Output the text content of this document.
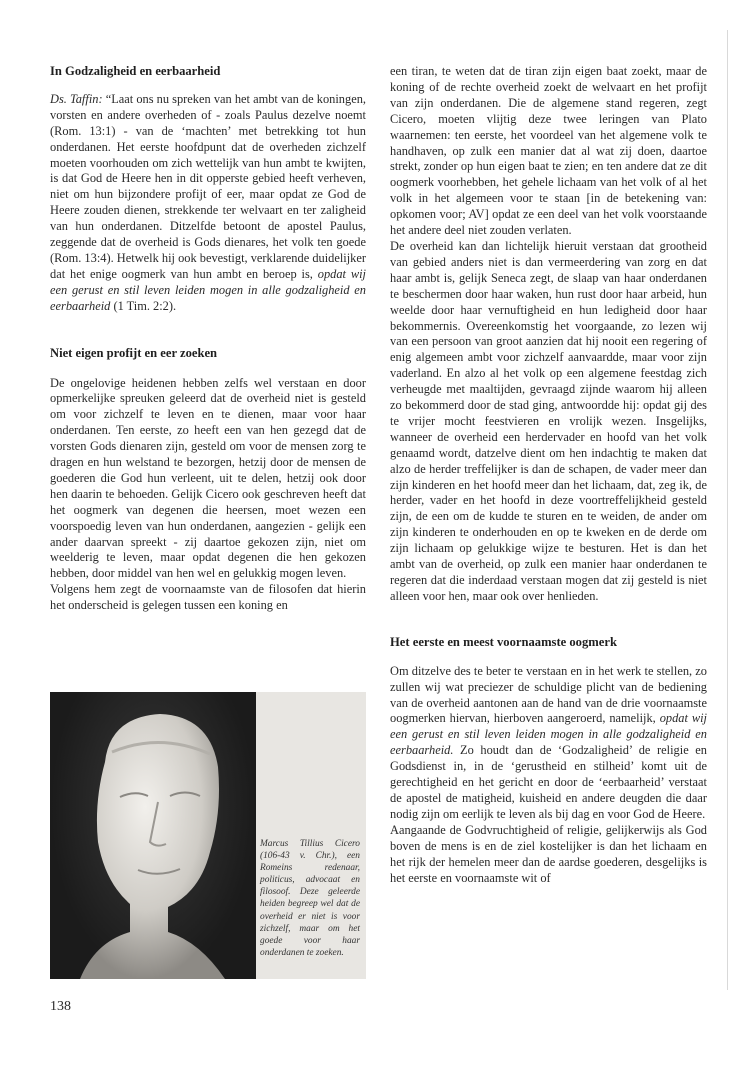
In Godzaligheid en eerbaarheid

Ds. Taffin: “Laat ons nu spreken van het ambt van de koningen, vorsten en andere overheden of - zoals Paulus dezelve noemt (Rom. 13:1) - van de ‘machten’ met betrekking tot hun onderdanen. Het eerste hoofdpunt dat de overheden zichzelf moeten voorhouden om zich wettelijk van hun ambt te kwijten, is dat God de Heere hen in dit opperste gebied heeft verheven, niet om hun bijzondere profijt of eer, maar opdat ze God de Heere zouden dienen, strekkende ter welvaart en ter zaligheid van hun onderdanen. Ditzelfde betoont de apostel Paulus, zeggende dat de overheid is Gods dienares, het volk ten goede (Rom. 13:4). Hetwelk hij ook bevestigt, verklarende duidelijker dat het enige oogmerk van hun ambt en beroep is, opdat wij een gerust en stil leven leiden mogen in alle godzaligheid en eerbaarheid (1 Tim. 2:2).

Niet eigen profijt en eer zoeken

De ongelovige heidenen hebben zelfs wel verstaan en door opmerkelijke spreuken geleerd dat de overheid niet is gesteld om voor zichzelf te leven en te dienen, maar voor haar onderdanen. Ten eerste, zo heeft een van hen gezegd dat de vorsten Gods dienaren zijn, gesteld om voor de mensen zorg te dragen en hun welstand te bezorgen, hetzij door de mensen de goederen die God hun verleent, uit te delen, hetzij ook door hen daarin te behoeden. Gelijk Cicero ook geschreven heeft dat het oogmerk van degenen die heersen, moet wezen een voorspoedig leven van hun onderdanen, aangezien - gelijk een ander daarvan spreekt - zij daartoe gekozen zijn, niet om weelderig te leven, maar opdat degenen die hen gekozen hebben, door middel van hen wel en gelukkig mogen leven.

Volgens hem zegt de voornaamste van de filosofen dat hierin het onderscheid is gelegen tussen een koning en

Marcus Tillius Cicero (106-43 v. Chr.), een Romeins redenaar, politicus, advocaat en filosoof. Deze geleerde heiden begreep wel dat de overheid er niet is voor zichzelf, maar om het goede voor haar onderdanen te zoeken.

een tiran, te weten dat de tiran zijn eigen baat zoekt, maar de koning of de rechte overheid zoekt de welvaart en het profijt van zijn onderdanen. Die de algemene stand regeren, zegt Cicero, moeten vlijtig deze twee leringen van Plato waarnemen: ten eerste, het voordeel van het algemene volk te handhaven, op zulk een manier dat al wat zij doen, daartoe strekt, zonder op hun eigen baat te zien; en ten andere dat ze dit oogmerk voorhebben, het gehele lichaam van het volk of al het volk in het algemeen voor te staan [in de betekening van: opkomen voor; AV] opdat ze een deel van het volk voorstaande het andere deel niet zouden verlaten.

De overheid kan dan lichtelijk hieruit verstaan dat grootheid van gebied anders niet is dan vermeerdering van zorg en dat haar ambt is, gelijk Seneca zegt, de slaap van haar onderdanen te beschermen door haar waken, hun rust door haar arbeid, hun weelde door haar vernuftigheid en hun ledigheid door haar bekommernis. Overeenkomstig het voorgaande, zo lezen wij van een persoon van groot aanzien dat hij nooit een regering of enig algemeen ambt voor zichzelf aanvaardde, maar voor zijn vaderland. En alzo al het volk op een algemene feestdag zich verheugde met maaltijden, gevraagd zijnde waarom hij alleen zo bekommerd door de stad ging, antwoordde hij: opdat gij des te vrijer mocht feestvieren en vrolijk wezen. Insgelijks, wanneer de overheid een herdervader en hoofd van het volk genaamd wordt, datzelve dient om hen indachtig te maken dat alzo de herder treffelijker is dan de schapen, de vader meer dan zijn kinderen en het hoofd meer dan het lichaam, dat, zeg ik, de herder, vader en het hoofd in deze voortreffelijkheid gesteld zijn, de een om de kudde te sturen en te weiden, de ander om zijn kinderen te onderhouden en op te kweken en de derde om zijn lichaam op gelukkige wijze te besturen. Het is dan het ambt van de overheid, op zulk een manier haar onderdanen te regeren dat die inderdaad verstaan mogen dat zij gesteld is niet alleen voor hen, maar ook over henlieden.

Het eerste en meest voornaamste oogmerk

Om ditzelve des te beter te verstaan en in het werk te stellen, zo zullen wij wat preciezer de schuldige plicht van de bediening van de overheid aantonen aan de hand van de drie voornaamste oogmerken hiervan, hierboven aangeroerd, namelijk, opdat wij een gerust en stil leven leiden mogen in alle godzaligheid en eerbaarheid. Zo houdt dan de ‘Godzaligheid’ de religie en Godsdienst in, in de ‘gerustheid en stilheid’ komt uit de gerechtigheid en het gericht en door de ‘eerbaarheid’ verstaat de apostel de matigheid, kuisheid en andere deugden die daar nodig zijn om eerlijk te leven als bij dag en voor God de Heere.

Aangaande de Godvruchtigheid of religie, gelijkerwijs als God boven de mens is en de ziel kostelijker is dan het lichaam en het rijk der hemelen meer dan de aardse goederen, desgelijks is het eerste en voornaamste wit of

138
